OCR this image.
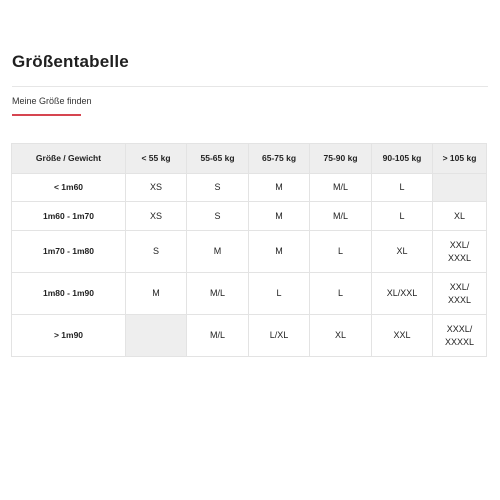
Größentabelle
Meine Größe finden
Größe / Gewicht	< 55 kg	55-65 kg	65-75 kg	75-90 kg	90-105 kg	> 105 kg
< 1m60	XS	S	M	M/L	L	
1m60 - 1m70	XS	S	M	M/L	L	XL
1m70 - 1m80	S	M	M	L	XL	XXL/
XXXL
1m80 - 1m90	M	M/L	L	L	XL/XXL	XXL/
XXXL
> 1m90		M/L	L/XL	XL	XXL	XXXL/
XXXXL
